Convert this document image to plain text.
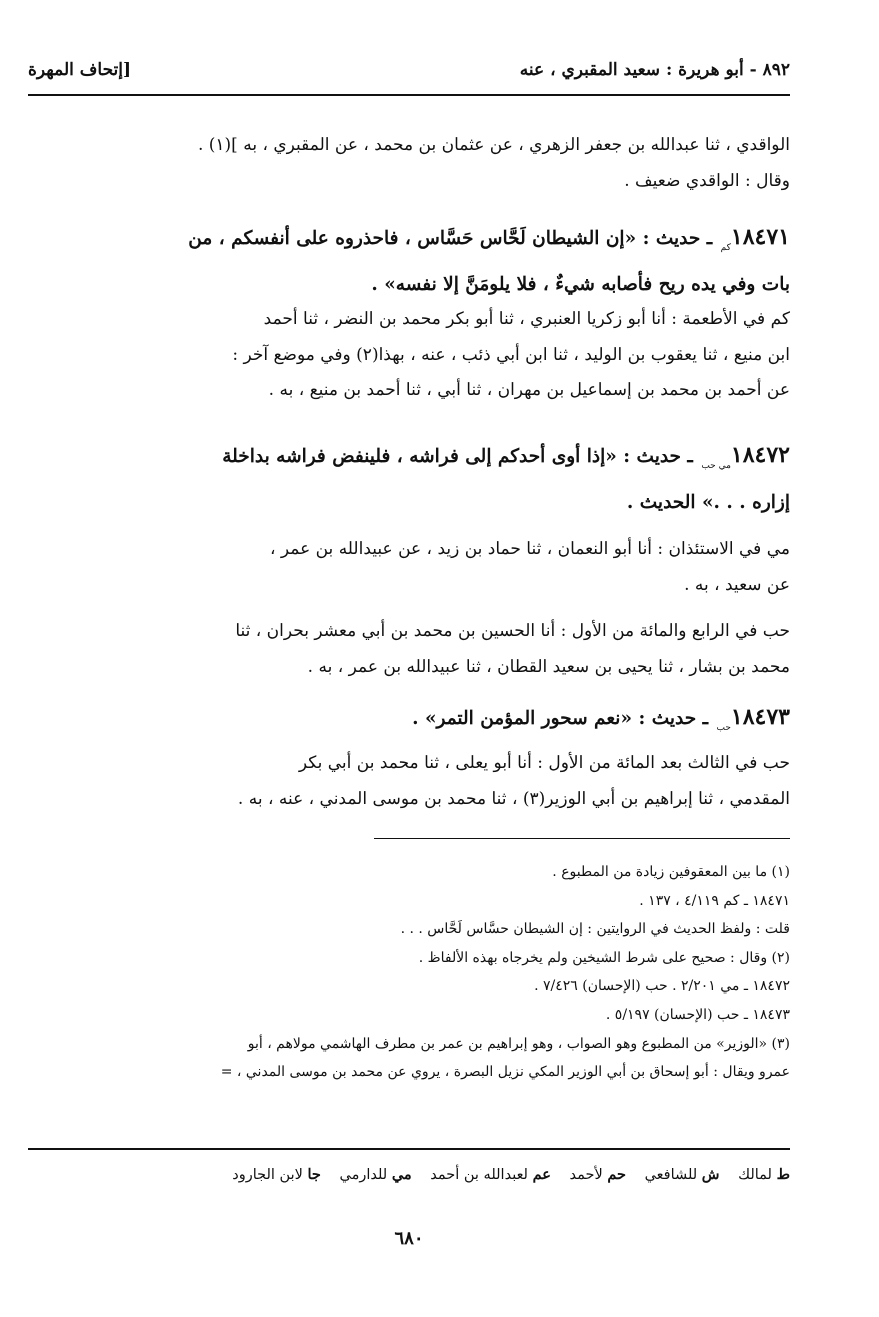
٨٩٢ - أبو هريرة : سعيد المقبري ، عنه
[إتحاف المهرة
الواقدي ، ثنا عبدالله بن جعفر الزهري ، عن عثمان بن محمد ، عن المقبري ، به ](١) .
وقال : الواقدي ضعيف .
$١٨٤٧١_{كم}$ ـ حديث : «إن الشيطان لَحَّاس حَسَّاس ، فاحذروه على أنفسكم ، من
بات وفي يده ريح فأصابه شيءٌ ، فلا يلومَنَّ إلا نفسه» .
كم في الأطعمة : أنا أبو زكريا العنبري ، ثنا أبو بكر محمد بن النضر ، ثنا أحمد
ابن منيع ، ثنا يعقوب بن الوليد ، ثنا ابن أبي ذئب ، عنه ، بهذا(٢) وفي موضع آخر :
عن أحمد بن محمد بن إسماعيل بن مهران ، ثنا أبي ، ثنا أحمد بن منيع ، به .
$١٨٤٧٢_{مي حب}$ ـ حديث : «إذا أوى أحدكم إلى فراشه ، فلينفض فراشه بداخلة
إزاره . . .» الحديث .
مي في الاستئذان : أنا أبو النعمان ، ثنا حماد بن زيد ، عن عبيدالله بن عمر ،
عن سعيد ، به .
حب في الرابع والمائة من الأول : أنا الحسين بن محمد بن أبي معشر بحران ، ثنا
محمد بن بشار ، ثنا يحيى بن سعيد القطان ، ثنا عبيدالله بن عمر ، به .
$١٨٤٧٣_{حب}$ ـ حديث : «نعم سحور المؤمن التمر» .
حب في الثالث بعد المائة من الأول : أنا أبو يعلى ، ثنا محمد بن أبي بكر
المقدمي ، ثنا إبراهيم بن أبي الوزير(٣) ، ثنا محمد بن موسى المدني ، عنه ، به .
(١) ما بين المعقوفين زيادة من المطبوع .
١٨٤٧١ ـ كم ٤/١١٩ ، ١٣٧ .
قلت : ولفظ الحديث في الروايتين : إن الشيطان حسَّاس لَحَّاس . . .
(٢) وقال : صحيح على شرط الشيخين ولم يخرجاه بهذه الألفاظ .
١٨٤٧٢ ـ مي ٢/٢٠١ . حب (الإحسان) ٧/٤٢٦ .
١٨٤٧٣ ـ حب (الإحسان) ٥/١٩٧ .
(٣) «الوزير» من المطبوع وهو الصواب ، وهو إبراهيم بن عمر بن مطرف الهاشمي مولاهم ، أبو
عمرو ويقال : أبو إسحاق بن أبي الوزير المكي نزيل البصرة ، يروي عن محمد بن موسى المدني ، =
ط لمالك ش للشافعي حم لأحمد عم لعبدالله بن أحمد مي للدارمي جا لابن الجارود
٦٨٠
